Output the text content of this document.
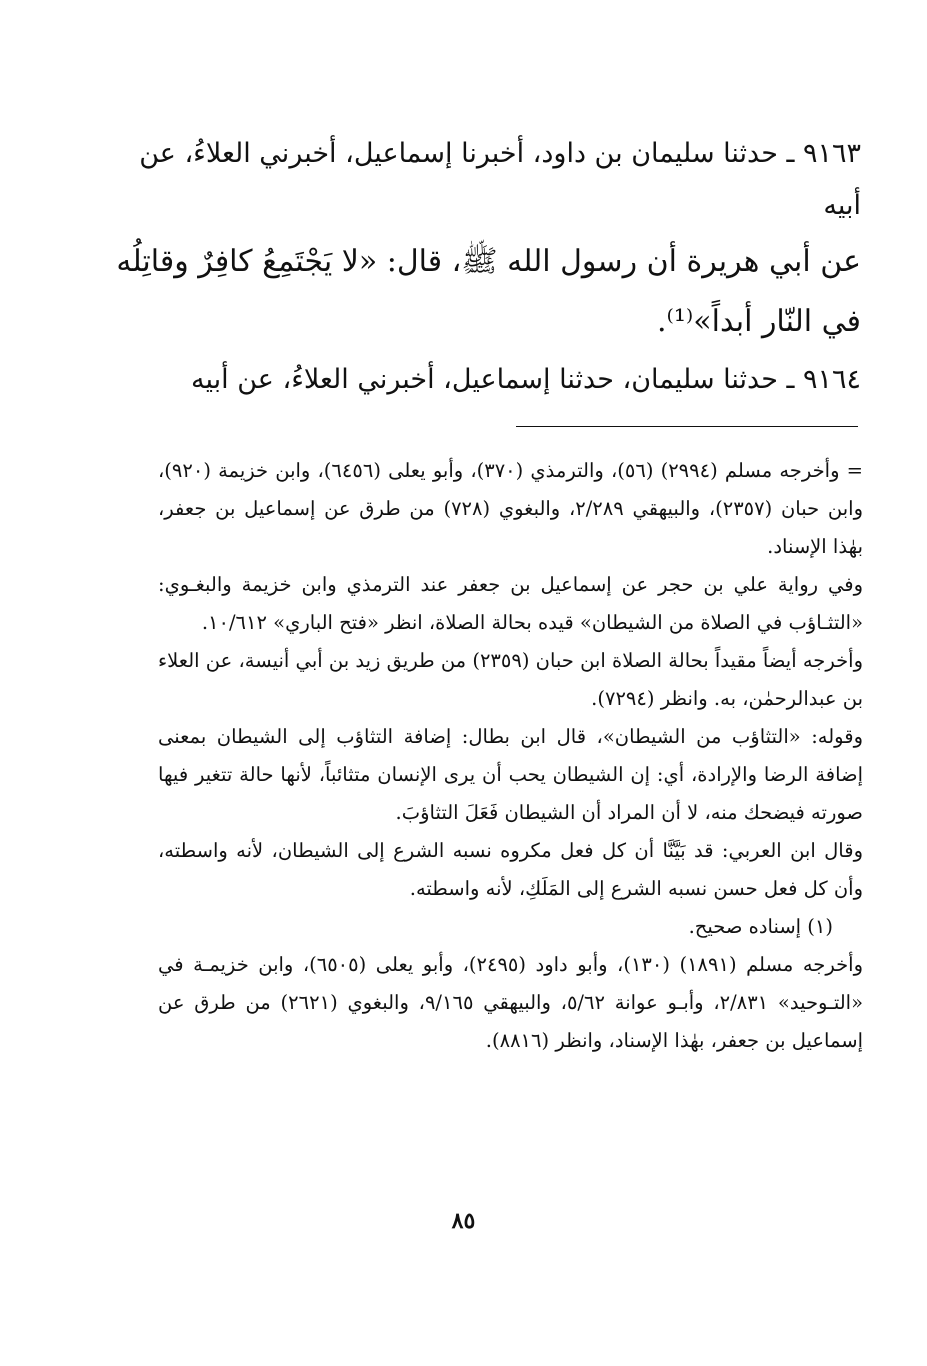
٩١٦٣ ـ حدثنا سليمان بن داود، أخبرنا إسماعيل، أخبرني العلاءُ، عن
أبيه
عن أبي هريرة أن رسول الله ﷺ، قال: «لا يَجْتَمِعُ كافِرٌ وقاتِلُه
في النّار أبداً»⁽¹⁾.
٩١٦٤ ـ حدثنا سليمان، حدثنا إسماعيل، أخبرني العلاءُ، عن أبيه

= وأخرجه مسلم (٢٩٩٤) (٥٦)، والترمذي (٣٧٠)، وأبو يعلى (٦٤٥٦)، وابن خزيمة (٩٢٠)، وابن حبان (٢٣٥٧)، والبيهقي ٢/٢٨٩، والبغوي (٧٢٨) من طرق عن إسماعيل بن جعفر، بهٰذا الإسناد.

وفي رواية علي بن حجر عن إسماعيل بن جعفر عند الترمذي وابن خزيمة والبغـوي: «التثـاؤب في الصلاة من الشيطان» قيده بحالة الصلاة، انظر «فتح الباري» ١٠/٦١٢.

وأخرجه أيضاً مقيداً بحالة الصلاة ابن حبان (٢٣٥٩) من طريق زيد بن أبي أنيسة، عن العلاء بن عبدالرحمٰن، به. وانظر (٧٢٩٤).

وقوله: «التثاؤب من الشيطان»، قال ابن بطال: إضافة التثاؤب إلى الشيطان بمعنى إضافة الرضا والإرادة، أي: إن الشيطان يحب أن يرى الإنسان متثائباً، لأنها حالة تتغير فيها صورته فيضحك منه، لا أن المراد أن الشيطان فَعَلَ التثاؤبَ.

وقال ابن العربي: قد بَيَّنَّا أن كل فعل مكروه نسبه الشرع إلى الشيطان، لأنه واسطته، وأن كل فعل حسن نسبه الشرع إلى المَلَكِ، لأنه واسطته.

(١) إسناده صحيح.

وأخرجه مسلم (١٨٩١) (١٣٠)، وأبو داود (٢٤٩٥)، وأبو يعلى (٦٥٠٥)، وابن خزيمـة في «التـوحيد» ٢/٨٣١، وأبـو عوانة ٥/٦٢، والبيهقي ٩/١٦٥، والبغوي (٢٦٢١) من طرق عن إسماعيل بن جعفر، بهٰذا الإسناد، وانظر (٨٨١٦).

٨٥
